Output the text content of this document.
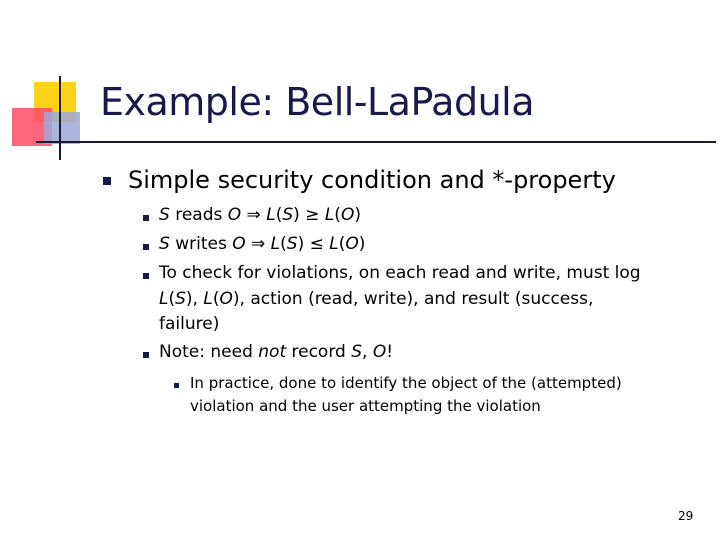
Example: Bell-LaPadula
Simple security condition and *-property
S reads O ⇒ L(S) ≥ L(O)
S writes O ⇒ L(S) ≤ L(O)
To check for violations, on each read and write, must log
L(S), L(O), action (read, write), and result (success,
failure)
Note: need not record S, O!
In practice, done to identify the object of the (attempted)
violation and the user attempting the violation
29
